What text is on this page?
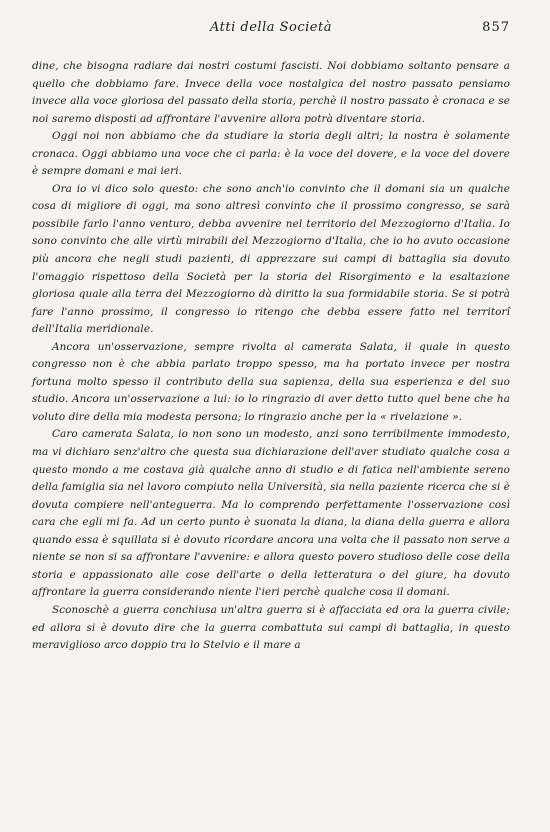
Atti della Società	857

dine, che bisogna radiare dai nostri costumi fascisti. Noi dobbiamo soltanto pensare a quello che dobbiamo fare. Invece della voce nostalgica del nostro passato pensiamo invece alla voce gloriosa del passato della storia, perchè il nostro passato è cronaca e se noi saremo disposti ad affrontare l'avvenire allora potrà diventare storia.

Oggi noi non abbiamo che da studiare la storia degli altri; la nostra è solamente cronaca. Oggi abbiamo una voce che ci parla: è la voce del dovere, e la voce del dovere è sempre domani e mai ieri.

Ora io vi dico solo questo: che sono anch'io convinto che il domani sia un qualche cosa di migliore di oggi, ma sono altresì convinto che il prossimo congresso, se sarà possibile farlo l'anno venturo, debba avvenire nel territorio del Mezzogiorno d'Italia. Io sono convinto che alle virtù mirabili del Mezzogiorno d'Italia, che io ho avuto occasione più ancora che negli studi pazienti, di apprezzare sui campi di battaglia sia dovuto l'omaggio rispettoso della Società per la storia del Risorgimento e la esaltazione gloriosa quale alla terra del Mezzogiorno dà diritto la sua formidabile storia. Se si potrà fare l'anno prossimo, il congresso io ritengo che debba essere fatto nel territorî dell'Italia meridionale.

Ancora un'osservazione, sempre rivolta al camerata Salata, il quale in questo congresso non è che abbia parlato troppo spesso, ma ha portato invece per nostra fortuna molto spesso il contributo della sua sapienza, della sua esperienza e del suo studio. Ancora un'osservazione a lui: io lo ringrazio di aver detto tutto quel bene che ha voluto dire della mia modesta persona; lo ringrazio anche per la « rivelazione ».

Caro camerata Salata, io non sono un modesto, anzi sono terribilmente immodesto, ma vi dichiaro senz'altro che questa sua dichiarazione dell'aver studiato qualche cosa a questo mondo a me costava già qualche anno di studio e di fatica nell'ambiente sereno della famiglia sia nel lavoro compiuto nella Università, sia nella paziente ricerca che si è dovuta compiere nell'anteguerra. Ma lo comprendo perfettamente l'osservazione così cara che egli mi fa. Ad un certo punto è suonata la diana, la diana della guerra e allora quando essa è squillata si è dovuto ricordare ancora una volta che il passato non serve a niente se non si sa affrontare l'avvenire: e allora questo povero studioso delle cose della storia e appassionato alle cose dell'arte o della letteratura o del giure, ha dovuto affrontare la guerra considerando niente l'ieri perchè qualche cosa il domani.

Sconoschè a guerra conchiusa un'altra guerra si è affacciata ed ora la guerra civile; ed allora si è dovuto dire che la guerra combattuta sui campi di battaglia, in questo meraviglioso arco doppio tra lo Stelvio e il mare a
